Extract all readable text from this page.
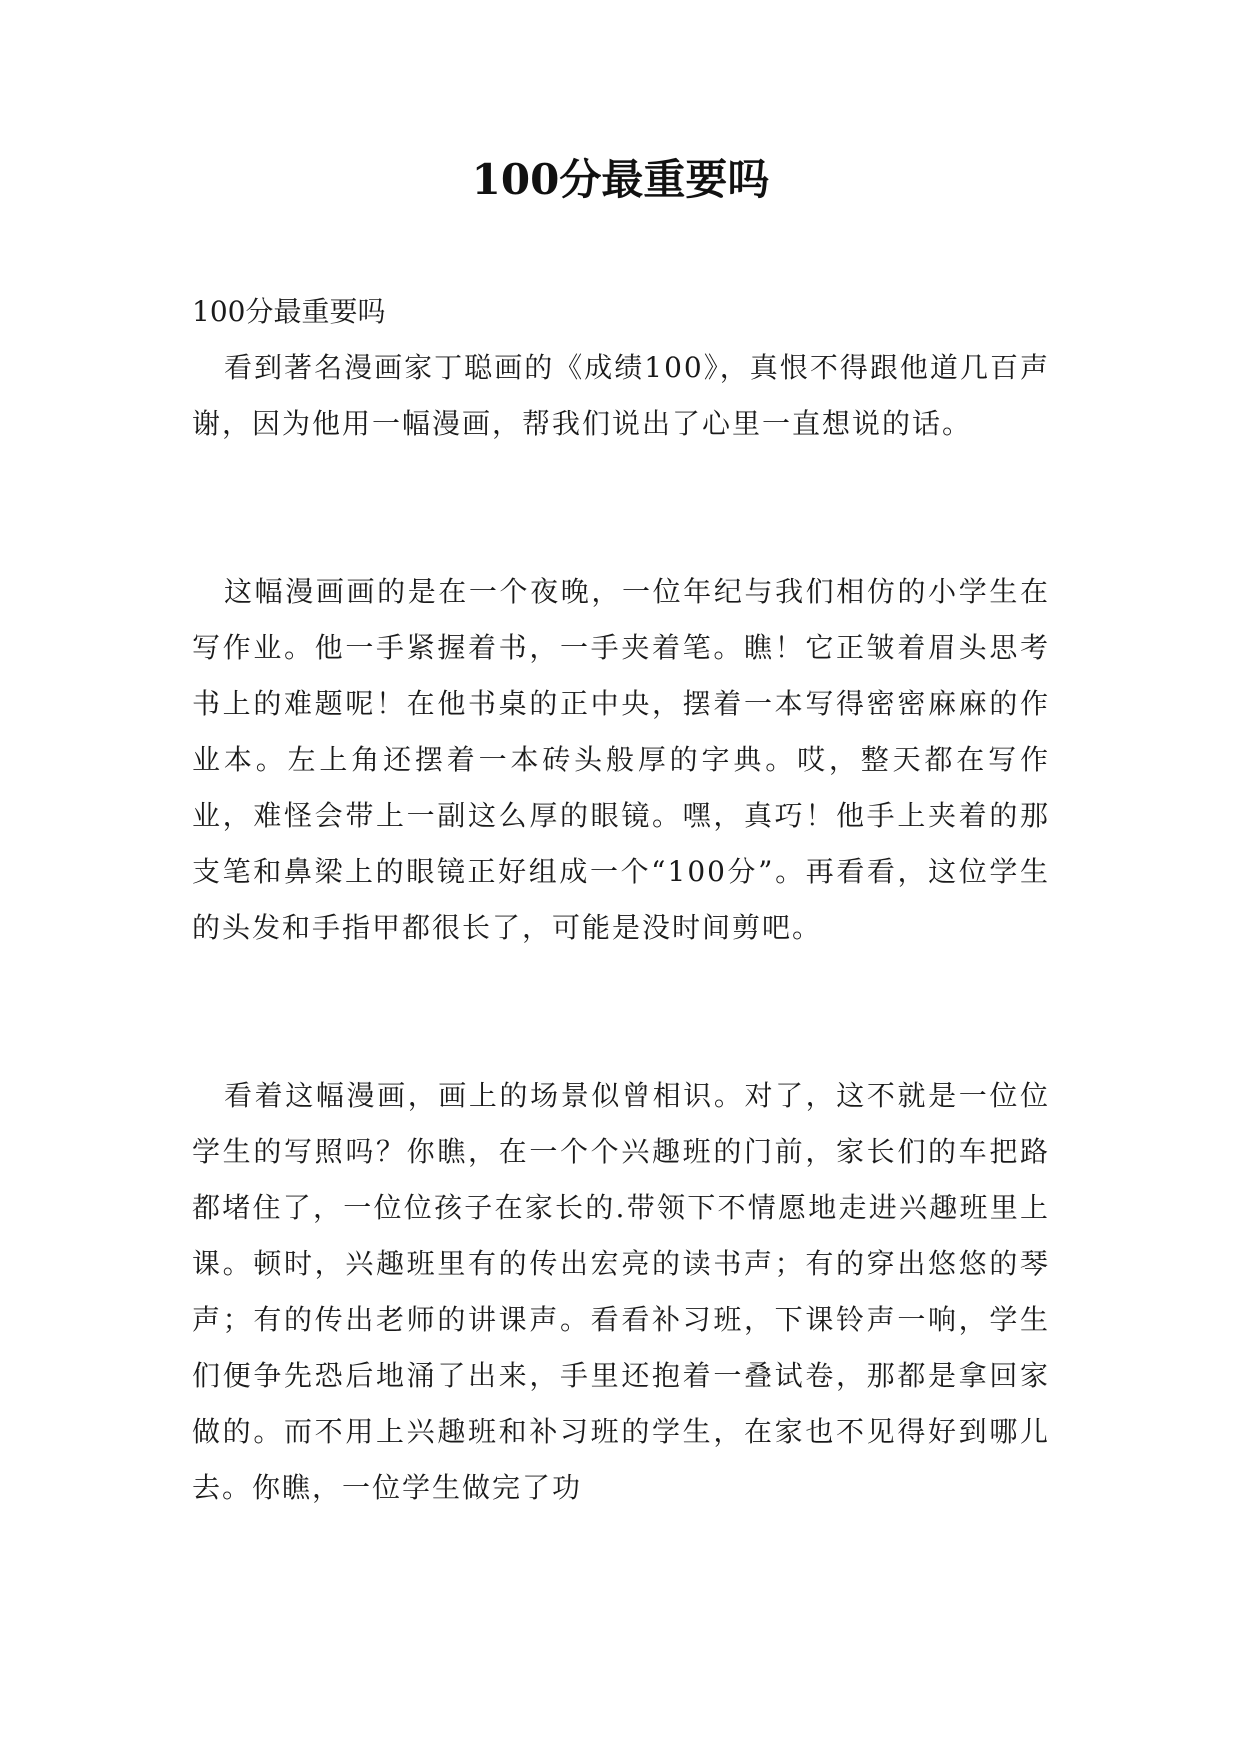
100分最重要吗

100分最重要吗

看到著名漫画家丁聪画的《成绩100》，真恨不得跟他道几百声谢，因为他用一幅漫画，帮我们说出了心里一直想说的话。

这幅漫画画的是在一个夜晚，一位年纪与我们相仿的小学生在写作业。他一手紧握着书，一手夹着笔。瞧！它正皱着眉头思考书上的难题呢！在他书桌的正中央，摆着一本写得密密麻麻的作业本。左上角还摆着一本砖头般厚的字典。哎，整天都在写作业，难怪会带上一副这么厚的眼镜。嘿，真巧！他手上夹着的那支笔和鼻梁上的眼镜正好组成一个“100分”。再看看，这位学生的头发和手指甲都很长了，可能是没时间剪吧。

看着这幅漫画，画上的场景似曾相识。对了，这不就是一位位学生的写照吗？你瞧，在一个个兴趣班的门前，家长们的车把路都堵住了，一位位孩子在家长的.带领下不情愿地走进兴趣班里上课。顿时，兴趣班里有的传出宏亮的读书声；有的穿出悠悠的琴声；有的传出老师的讲课声。看看补习班，下课铃声一响，学生们便争先恐后地涌了出来，手里还抱着一叠试卷，那都是拿回家做的。而不用上兴趣班和补习班的学生，在家也不见得好到哪儿去。你瞧，一位学生做完了功
